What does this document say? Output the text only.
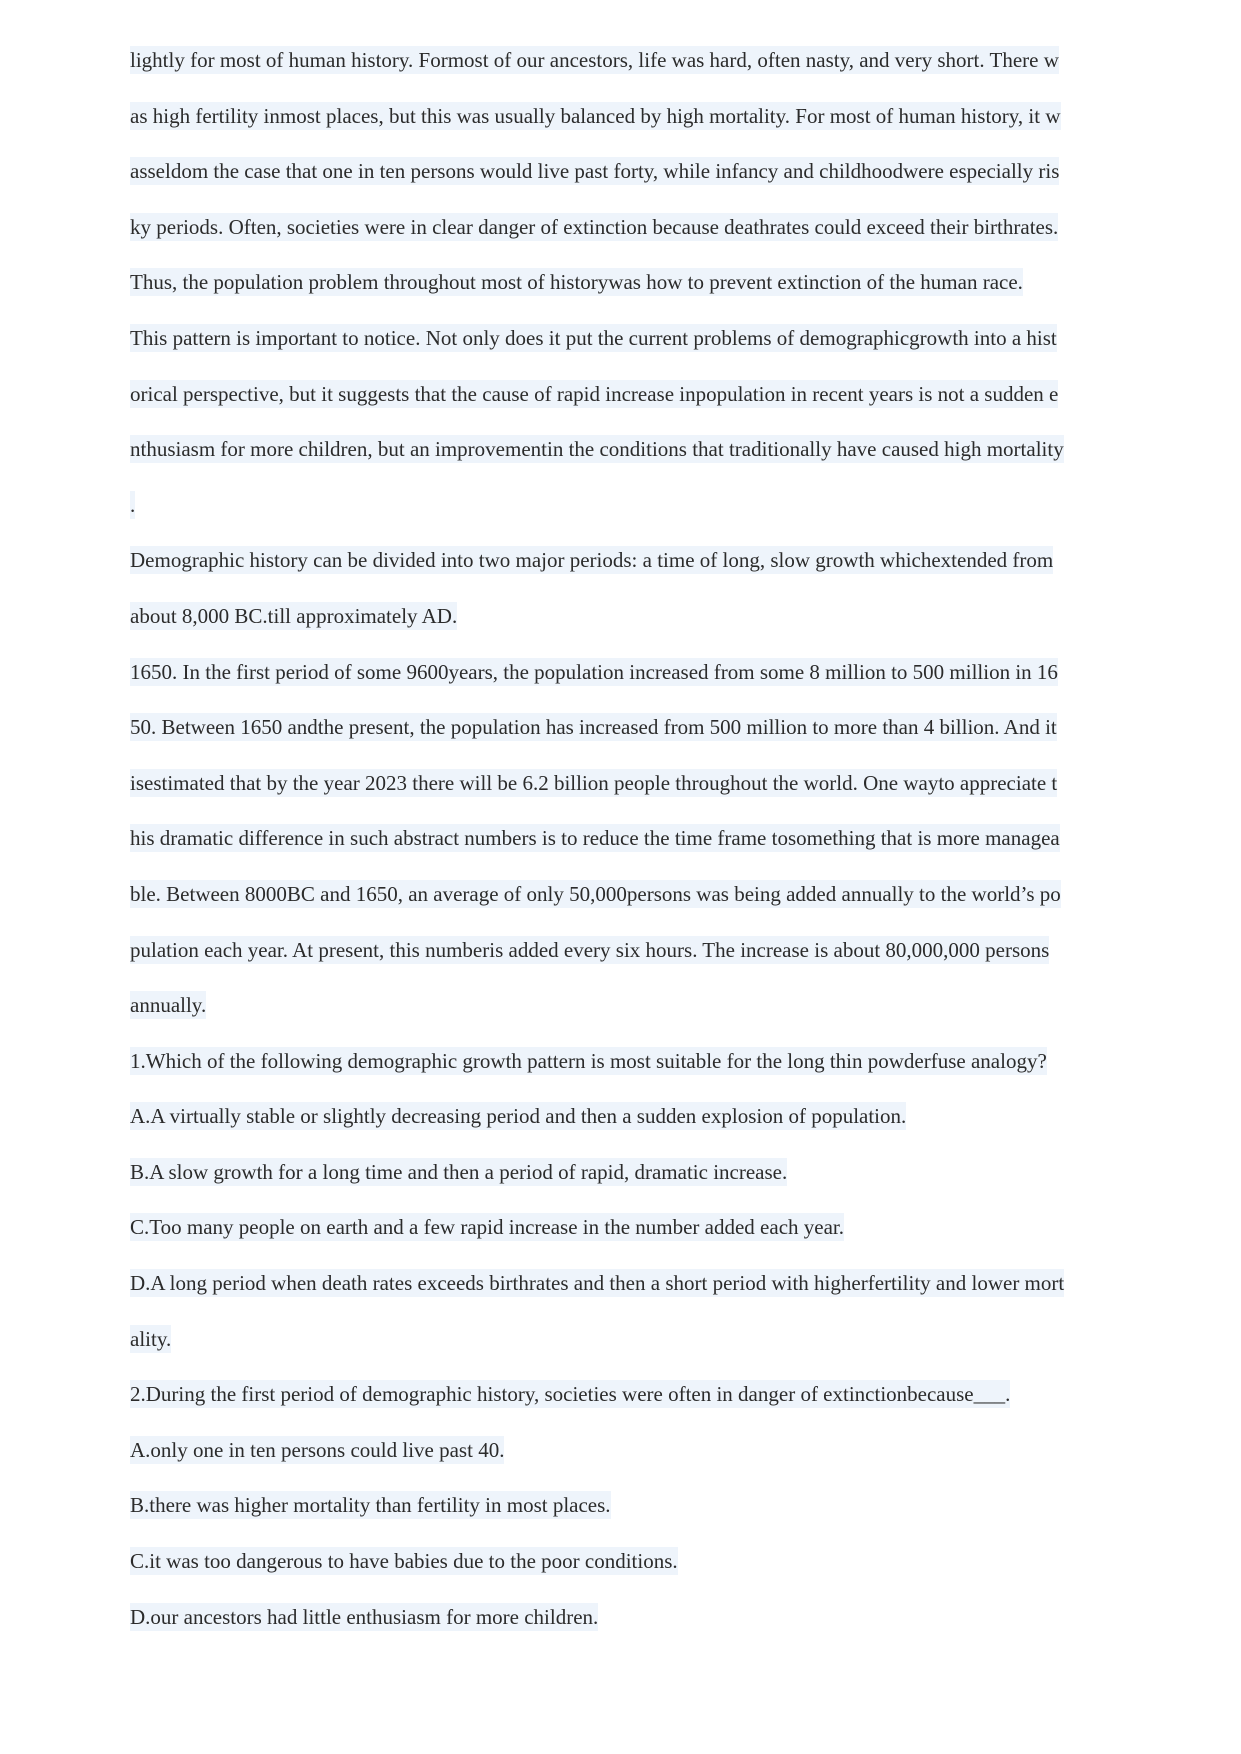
lightly for most of human history. Formost of our ancestors, life was hard, often nasty, and very short. There w
as high fertility inmost places, but this was usually balanced by high mortality. For most of human history, it w
asseldom the case that one in ten persons would live past forty, while infancy and childhoodwere especially ris
ky periods. Often, societies were in clear danger of extinction because deathrates could exceed their birthrates.
Thus, the population problem throughout most of historywas how to prevent extinction of the human race.
This pattern is important to notice. Not only does it put the current problems of demographicgrowth into a hist
orical perspective, but it suggests that the cause of rapid increase inpopulation in recent years is not a sudden e
nthusiasm for more children, but an improvementin the conditions that traditionally have caused high mortality
.
Demographic history can be divided into two major periods: a time of long, slow growth whichextended from
about 8,000 BC.till approximately AD.
1650. In the first period of some 9600years, the population increased from some 8 million to 500 million in 16
50. Between 1650 andthe present, the population has increased from 500 million to more than 4 billion. And it
isestimated that by the year 2023 there will be 6.2 billion people throughout the world. One wayto appreciate t
his dramatic difference in such abstract numbers is to reduce the time frame tosomething that is more managea
ble. Between 8000BC and 1650, an average of only 50,000persons was being added annually to the world’s po
pulation each year. At present, this numberis added every six hours. The increase is about 80,000,000 persons
annually.
1.Which of the following demographic growth pattern is most suitable for the long thin powderfuse analogy?
A.A virtually stable or slightly decreasing period and then a sudden explosion of population.
B.A slow growth for a long time and then a period of rapid, dramatic increase.
C.Too many people on earth and a few rapid increase in the number added each year.
D.A long period when death rates exceeds birthrates and then a short period with higherfertility and lower mort
ality.
2.During the first period of demographic history, societies were often in danger of extinctionbecause___.
A.only one in ten persons could live past 40.
B.there was higher mortality than fertility in most places.
C.it was too dangerous to have babies due to the poor conditions.
D.our ancestors had little enthusiasm for more children.
